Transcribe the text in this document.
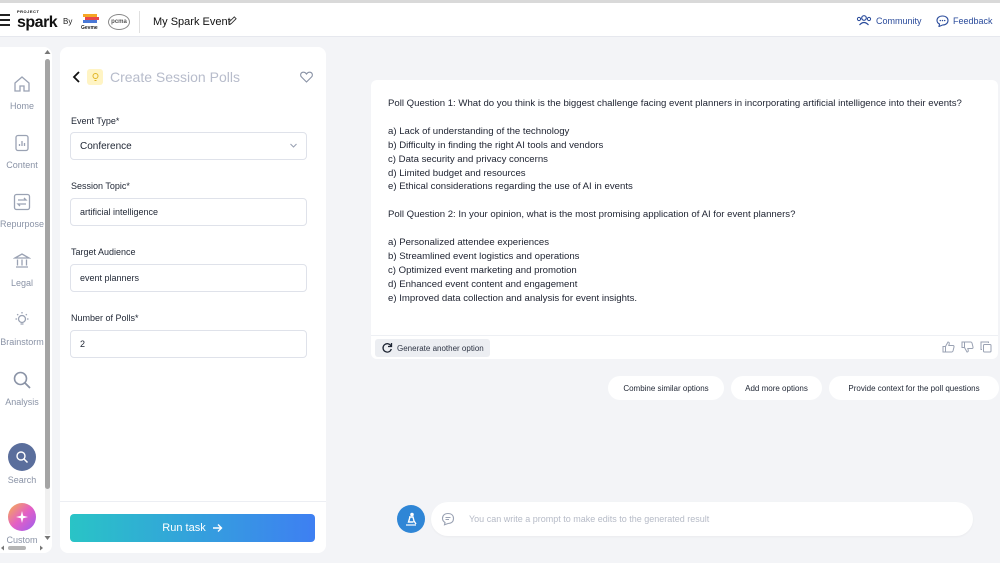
PROJECT
spark By
Gevme
pcma My Spark Event	Community	Feedback
Home
Content
Repurpose
Legal
Brainstorm
Analysis
Search
Custom
Create Session Polls
Event Type*
Conference
Session Topic*
artificial intelligence
Target Audience
event planners
Number of Polls*
2
Run task

Poll Question 1: What do you think is the biggest challenge facing event planners in incorporating artificial intelligence into their events?

a) Lack of understanding of the technology

b) Difficulty in finding the right AI tools and vendors

c) Data security and privacy concerns

d) Limited budget and resources

e) Ethical considerations regarding the use of AI in events

Poll Question 2: In your opinion, what is the most promising application of AI for event planners?

a) Personalized attendee experiences

b) Streamlined event logistics and operations

c) Optimized event marketing and promotion

d) Enhanced event content and engagement

e) Improved data collection and analysis for event insights.

Generate another option
Combine similar options	Add more options	Provide context for the poll questions
You can write a prompt to make edits to the generated result
